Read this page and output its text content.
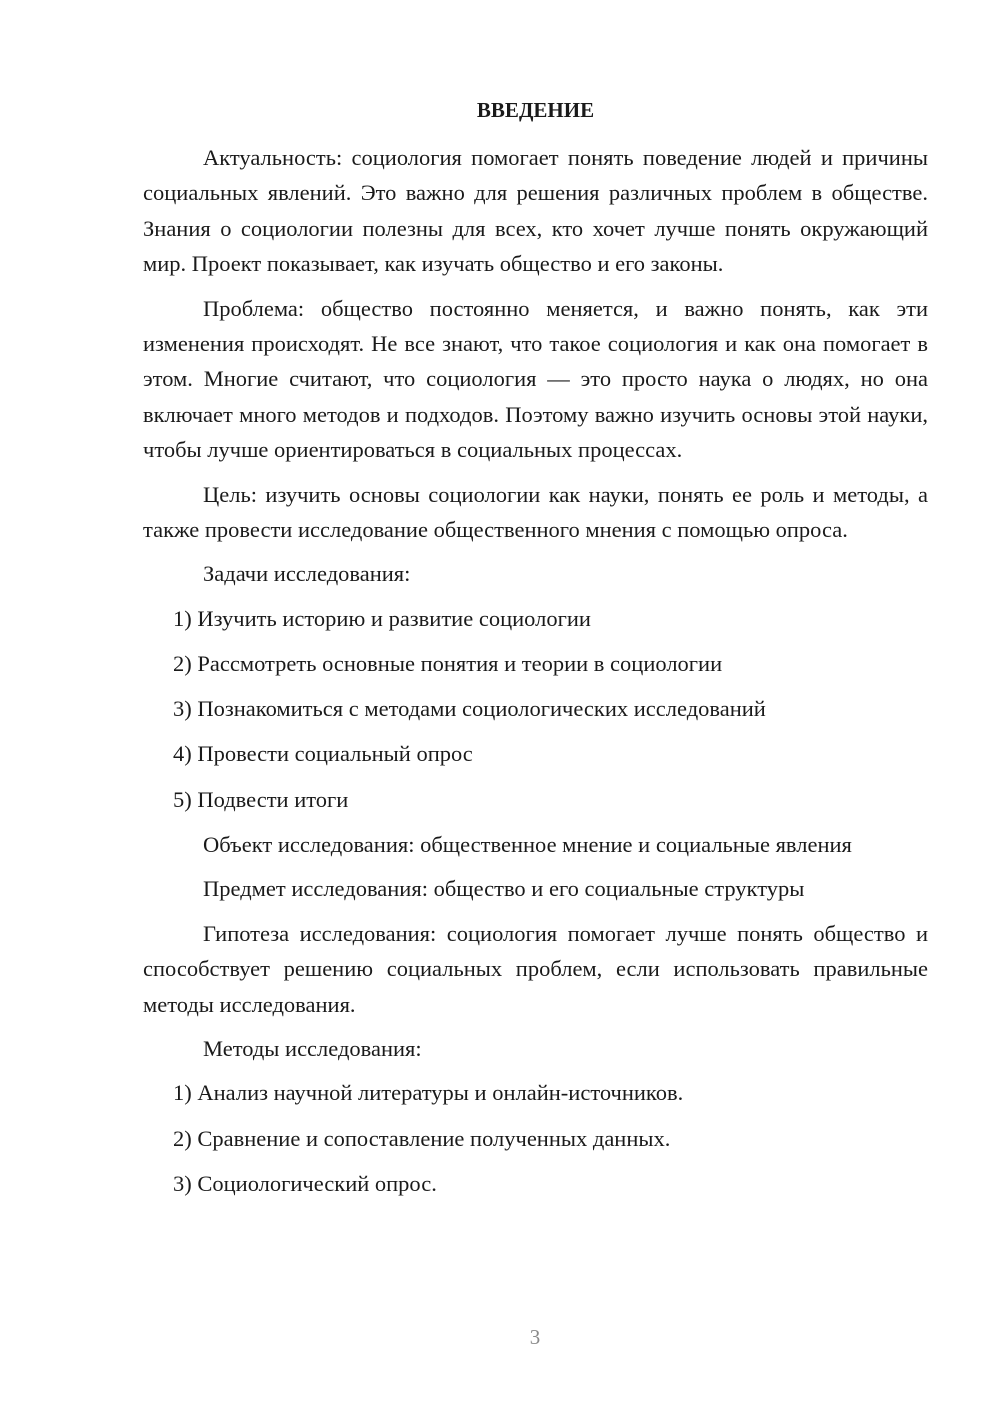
ВВЕДЕНИЕ

Актуальность: социология помогает понять поведение людей и причины социальных явлений. Это важно для решения различных проблем в обществе. Знания о социологии полезны для всех, кто хочет лучше понять окружающий мир. Проект показывает, как изучать общество и его законы.

Проблема: общество постоянно меняется, и важно понять, как эти изменения происходят. Не все знают, что такое социология и как она помогает в этом. Многие считают, что социология — это просто наука о людях, но она включает много методов и подходов. Поэтому важно изучить основы этой науки, чтобы лучше ориентироваться в социальных процессах.

Цель: изучить основы социологии как науки, понять ее роль и методы, а также провести исследование общественного мнения с помощью опроса.

Задачи исследования:

1) Изучить историю и развитие социологии
2) Рассмотреть основные понятия и теории в социологии
3) Познакомиться с методами социологических исследований
4) Провести социальный опрос
5) Подвести итоги

Объект исследования: общественное мнение и социальные явления

Предмет исследования: общество и его социальные структуры

Гипотеза исследования: социология помогает лучше понять общество и способствует решению социальных проблем, если использовать правильные методы исследования.

Методы исследования:

1) Анализ научной литературы и онлайн-источников.
2) Сравнение и сопоставление полученных данных.
3) Социологический опрос.
3
